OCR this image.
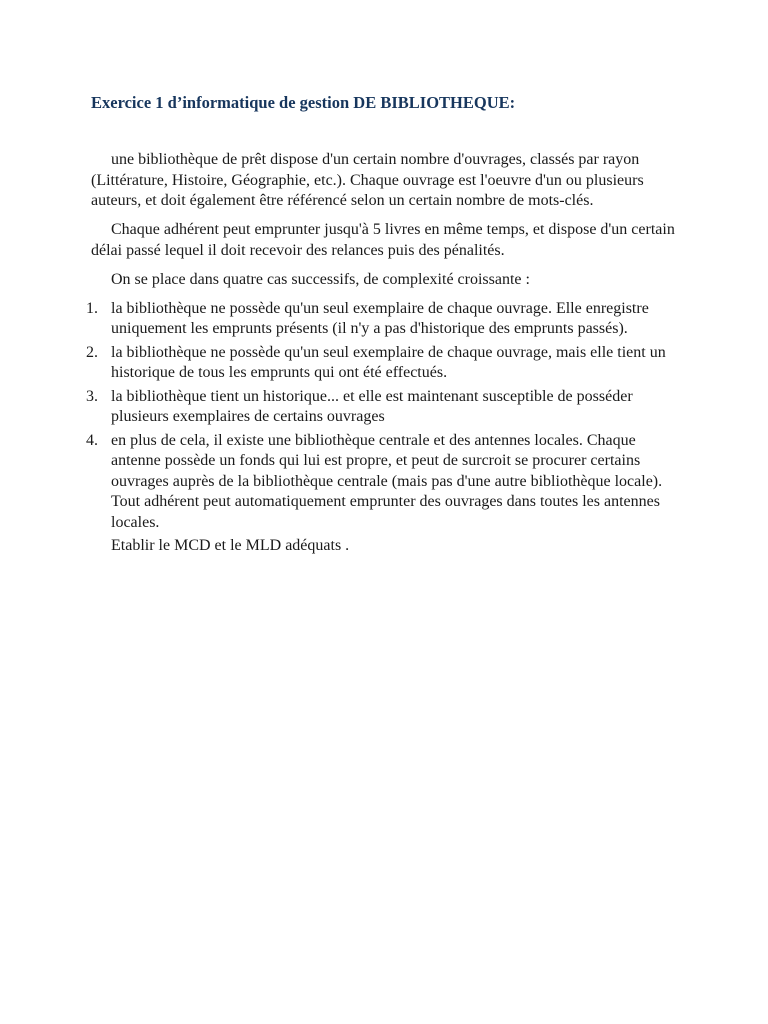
Exercice 1 d’informatique de gestion DE BIBLIOTHEQUE:

une bibliothèque de prêt dispose d'un certain nombre d'ouvrages, classés par rayon (Littérature, Histoire, Géographie, etc.). Chaque ouvrage est l'oeuvre d'un ou plusieurs auteurs, et doit également être référencé selon un certain nombre de mots-clés.

Chaque adhérent peut emprunter jusqu'à 5 livres en même temps, et dispose d'un certain délai passé lequel il doit recevoir des relances puis des pénalités.

On se place dans quatre cas successifs, de complexité croissante :

1. la bibliothèque ne possède qu'un seul exemplaire de chaque ouvrage. Elle enregistre uniquement les emprunts présents (il n'y a pas d'historique des emprunts passés).
2. la bibliothèque ne possède qu'un seul exemplaire de chaque ouvrage, mais elle tient un historique de tous les emprunts qui ont été effectués.
3. la bibliothèque tient un historique... et elle est maintenant susceptible de posséder plusieurs exemplaires de certains ouvrages
4. en plus de cela, il existe une bibliothèque centrale et des antennes locales. Chaque antenne possède un fonds qui lui est propre, et peut de surcroit se procurer certains ouvrages auprès de la bibliothèque centrale (mais pas d'une autre bibliothèque locale). Tout adhérent peut automatiquement emprunter des ouvrages dans toutes les antennes locales.

Etablir le MCD et le MLD adéquats .
